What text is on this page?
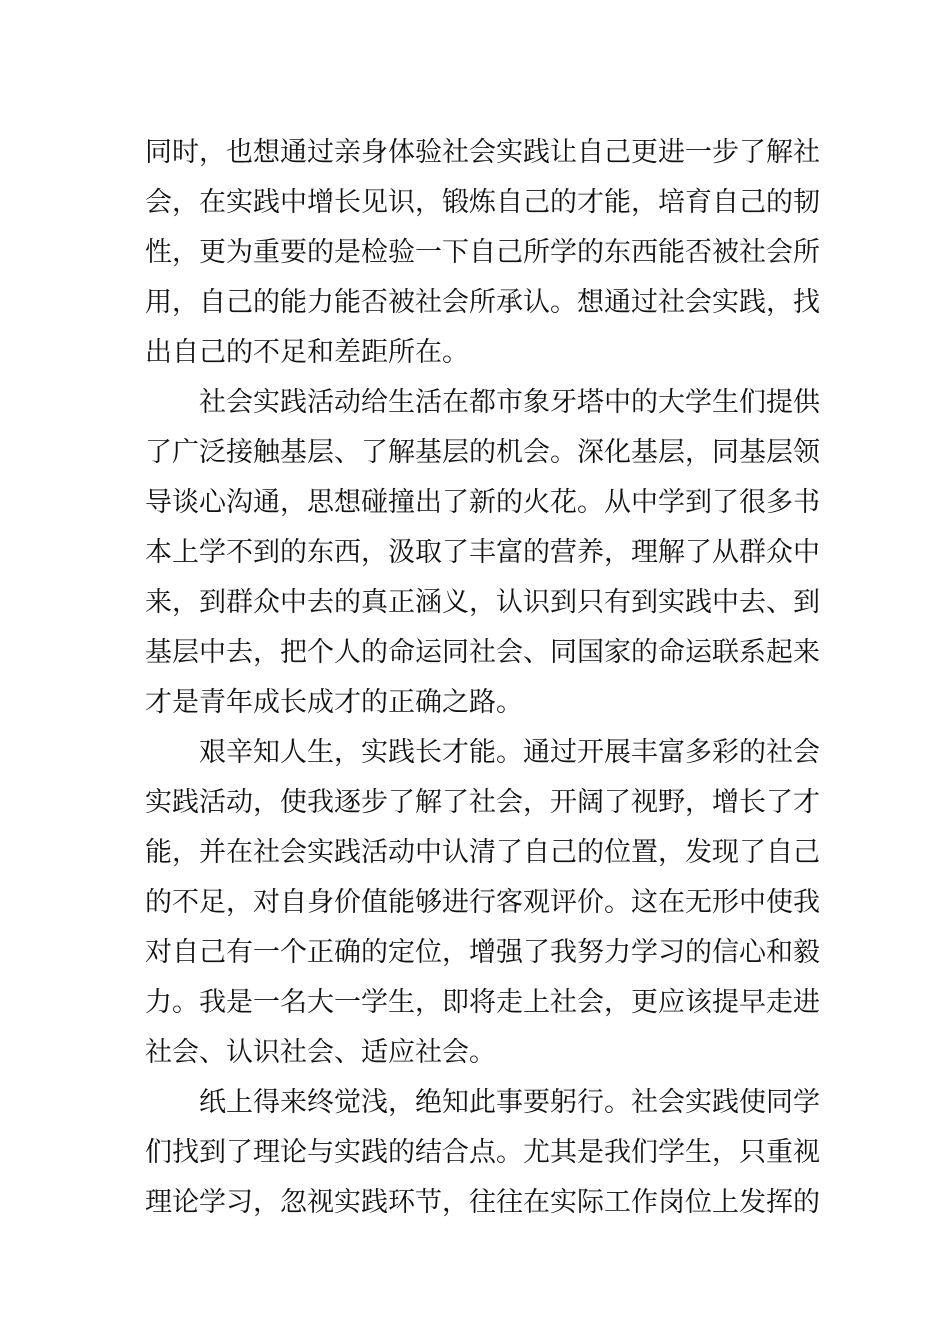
同时，也想通过亲身体验社会实践让自己更进一步了解社
会，在实践中增长见识，锻炼自己的才能，培育自己的韧
性，更为重要的是检验一下自己所学的东西能否被社会所
用，自己的能力能否被社会所承认。想通过社会实践，找
出自己的不足和差距所在。
社会实践活动给生活在都市象牙塔中的大学生们提供
了广泛接触基层、了解基层的机会。深化基层，同基层领
导谈心沟通，思想碰撞出了新的火花。从中学到了很多书
本上学不到的东西，汲取了丰富的营养，理解了从群众中
来，到群众中去的真正涵义，认识到只有到实践中去、到
基层中去，把个人的命运同社会、同国家的命运联系起来
才是青年成长成才的正确之路。
艰辛知人生，实践长才能。通过开展丰富多彩的社会
实践活动，使我逐步了解了社会，开阔了视野，增长了才
能，并在社会实践活动中认清了自己的位置，发现了自己
的不足，对自身价值能够进行客观评价。这在无形中使我
对自己有一个正确的定位，增强了我努力学习的信心和毅
力。我是一名大一学生，即将走上社会，更应该提早走进
社会、认识社会、适应社会。
纸上得来终觉浅，绝知此事要躬行。社会实践使同学
们找到了理论与实践的结合点。尤其是我们学生，只重视
理论学习，忽视实践环节，往往在实际工作岗位上发挥的
